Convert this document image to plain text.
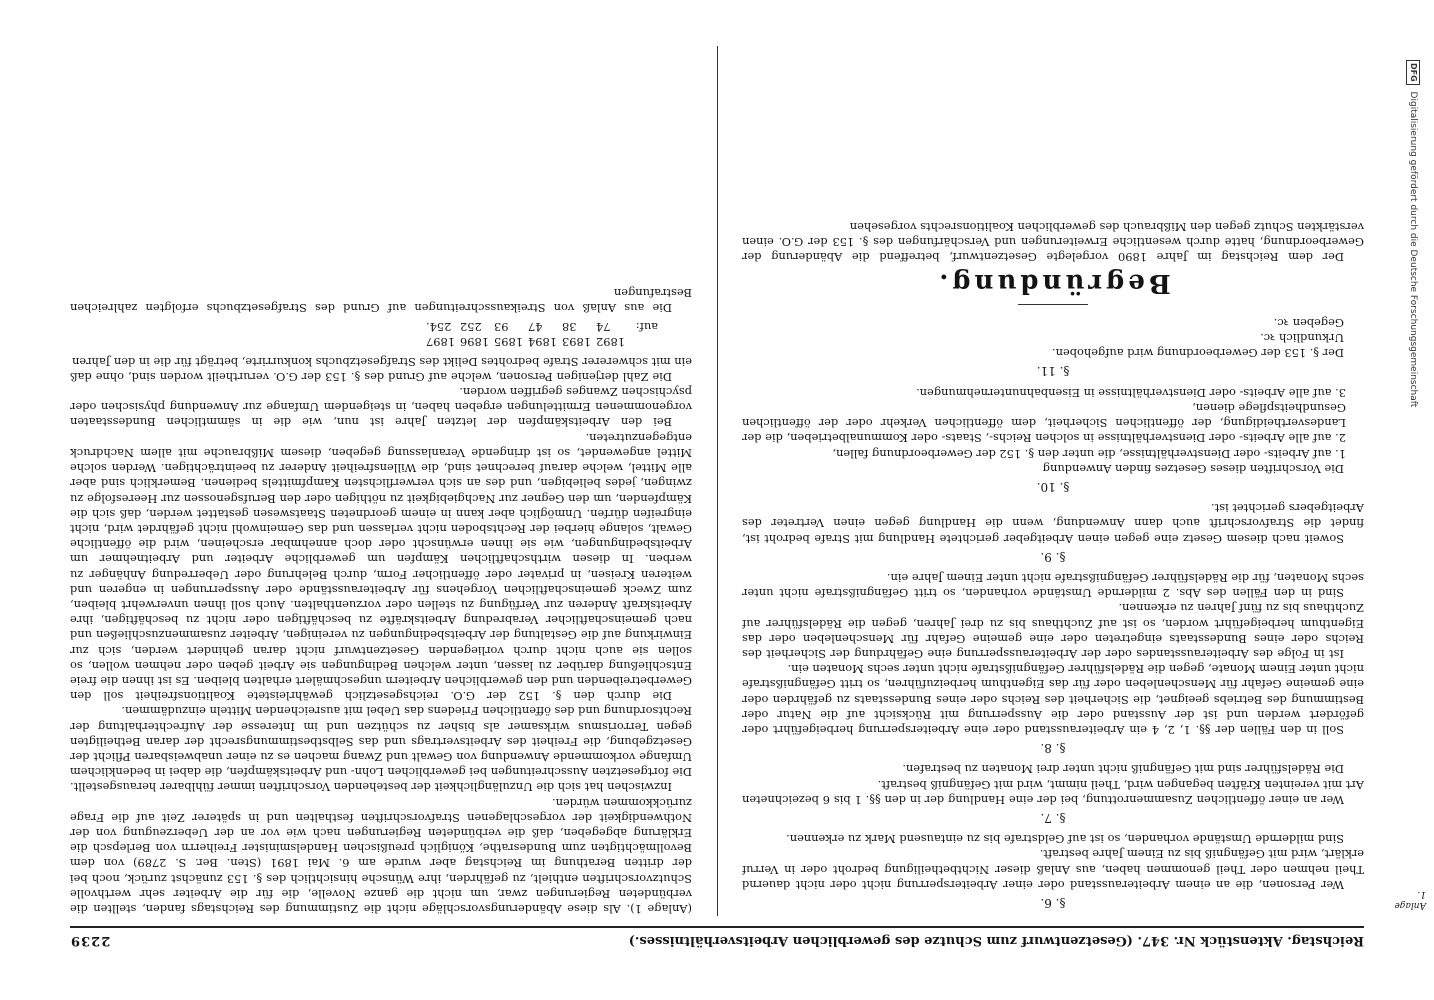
Reichstag. Aktenstück Nr. 347. (Gesetzentwurf zum Schutze des gewerblichen Arbeitsverhältnisses.)
2239
Anlage 1.
§. 6.

Wer Personen, die an einem Arbeiterausstand oder einer Arbeitersperrung nicht oder nicht dauernd Theil nehmen oder Theil genommen haben, aus Anlaß dieser Nichtbetheiligung bedroht oder in Verruf erklärt, wird mit Gefängniß bis zu Einem Jahre bestraft.

Sind mildernde Umstände vorhanden, so ist auf Geldstrafe bis zu eintausend Mark zu erkennen.

§. 7.

Wer an einer öffentlichen Zusammenrottung, bei der eine Handlung der in den §§. 1 bis 6 bezeichneten Art mit vereinten Kräften begangen wird, Theil nimmt, wird mit Gefängniß bestraft.

Die Rädelsführer sind mit Gefängniß nicht unter drei Monaten zu bestrafen.

§. 8.

Soll in den Fällen der §§. 1, 2, 4 ein Arbeiterausstand oder eine Arbeitersperrung herbeigeführt oder gefördert werden und ist der Ausstand oder die Aussperrung mit Rücksicht auf die Natur oder Bestimmung des Betriebs geeignet, die Sicherheit des Reichs oder eines Bundesstaats zu gefährden oder eine gemeine Gefahr für Menschenleben oder für das Eigenthum herbeizuführen, so tritt Gefängnißstrafe nicht unter Einem Monate, gegen die Rädelsführer Gefängnißstrafe nicht unter sechs Monaten ein.

Ist in Folge des Arbeiterausstandes oder der Arbeiteraussperrung eine Gefährdung der Sicherheit des Reichs oder eines Bundesstaats eingetreten oder eine gemeine Gefahr für Menschenleben oder das Eigenthum herbeigeführt worden, so ist auf Zuchthaus bis zu drei Jahren, gegen die Rädelsführer auf Zuchthaus bis zu fünf Jahren zu erkennen.

Sind in den Fällen des Abs. 2 mildernde Umstände vorhanden, so tritt Gefängnißstrafe nicht unter sechs Monaten, für die Rädelsführer Gefängnißstrafe nicht unter Einem Jahre ein.

§. 9.

Soweit nach diesem Gesetz eine gegen einen Arbeitgeber gerichtete Handlung mit Strafe bedroht ist, findet die Strafvorschrift auch dann Anwendung, wenn die Handlung gegen einen Vertreter des Arbeitgebers gerichtet ist.

§. 10.

Die Vorschriften dieses Gesetzes finden Anwendung

1. auf Arbeits- oder Dienstverhältnisse, die unter den §. 152 der Gewerbeordnung fallen,
2. auf alle Arbeits- oder Dienstverhältnisse in solchen Reichs-, Staats- oder Kommunalbetrieben, die der Landesvertheidigung, der öffentlichen Sicherheit, dem öffentlichen Verkehr oder der öffentlichen Gesundheitspflege dienen,
3. auf alle Arbeits- oder Dienstverhältnisse in Eisenbahnunternehmungen.
§. 11.

Der §. 153 der Gewerbeordnung wird aufgehoben.

Urkundlich ꝛc.

Gegeben ꝛc.

Begründung.

Der dem Reichstag im Jahre 1890 vorgelegte Gesetzentwurf, betreffend die Abänderung der Gewerbeordnung, hatte durch wesentliche Erweiterungen und Verschärfungen des §. 153 der G.O. einen verstärkten Schutz gegen den Mißbrauch des gewerblichen Koalitionsrechts vorgesehen

(Anlage 1). Als diese Abänderungsvorschläge nicht die Zustimmung des Reichstags fanden, stellten die verbündeten Regierungen zwar, um nicht die ganze Novelle, die für die Arbeiter sehr werthvolle Schutzvorschriften enthielt, zu gefährden, ihre Wünsche hinsichtlich des §. 153 zunächst zurück, noch bei der dritten Berathung im Reichstag aber wurde am 6. Mai 1891 (Sten. Ber. S. 2789) von dem Bevollmächtigten zum Bundesrathe, Königlich preußischen Handelsminister Freiherrn von Berlepsch die Erklärung abgegeben, daß die verbündeten Regierungen nach wie vor an der Ueberzeugung von der Nothwendigkeit der vorgeschlagenen Strafvorschriften festhalten und in späterer Zeit auf die Frage zurückkommen würden.

Inzwischen hat sich die Unzulänglichkeit der bestehenden Vorschriften immer fühlbarer herausgestellt. Die fortgesetzten Ausschreitungen bei gewerblichen Lohn- und Arbeitskämpfen, die dabei in bedenklichem Umfange vorkommende Anwendung von Gewalt und Zwang machen es zu einer unabweisbaren Pflicht der Gesetzgebung, die Freiheit des Arbeitsvertrags und das Selbstbestimmungsrecht der daran Betheiligten gegen Terrorismus wirksamer als bisher zu schützen und im Interesse der Aufrechterhaltung der Rechtsordnung und des öffentlichen Friedens das Uebel mit ausreichenden Mitteln einzudämmen.

Die durch den §. 152 der G.O. reichsgesetzlich gewährleistete Koalitionsfreiheit soll den Gewerbetreibenden und den gewerblichen Arbeitern ungeschmälert erhalten bleiben. Es ist ihnen die freie Entschließung darüber zu lassen, unter welchen Bedingungen sie Arbeit geben oder nehmen wollen, so sollen sie auch nicht durch vorliegenden Gesetzentwurf nicht daran gehindert werden, sich zur Einwirkung auf die Gestaltung der Arbeitsbedingungen zu vereinigen, Arbeiter zusammenzuschließen und nach gemeinschaftlicher Verabredung Arbeitskräfte zu beschäftigen oder nicht zu beschäftigen, ihre Arbeitskraft Anderen zur Verfügung zu stellen oder vorzuenthalten. Auch soll ihnen unverwehrt bleiben, zum Zweck gemeinschaftlichen Vorgehens für Arbeiterausstände oder Aussperrungen in engeren und weiteren Kreisen, in privater oder öffentlicher Form, durch Belehrung oder Ueberredung Anhänger zu werben. In diesen wirthschaftlichen Kämpfen um gewerbliche Arbeiter und Arbeitnehmer um Arbeitsbedingungen, wie sie ihnen erwünscht oder doch annehmbar erscheinen, wird die öffentliche Gewalt, solange hierbei der Rechtsboden nicht verlassen und das Gemeinwohl nicht gefährdet wird, nicht eingreifen dürfen. Unmöglich aber kann in einem geordneten Staatswesen gestattet werden, daß sich die Kämpfenden, um den Gegner zur Nachgiebigkeit zu nöthigen oder den Berufsgenossen zur Heeresfolge zu zwingen, jedes beliebigen, und des an sich verwerflichsten Kampfmittels bedienen. Bemerklich sind aber alle Mittel, welche darauf berechnet sind, die Willensfreiheit Anderer zu beeinträchtigen. Werden solche Mittel angewendet, so ist dringende Veranlassung gegeben, diesem Mißbrauche mit allem Nachdruck entgegenzutreten.

Bei den Arbeitskämpfen der letzten Jahre ist nun, wie die in sämmtlichen Bundesstaaten vorgenommenen Ermittelungen ergeben haben, in steigendem Umfange zur Anwendung physischen oder psychischen Zwanges gegriffen worden.

Die Zahl derjenigen Personen, welche auf Grund des §. 153 der G.O. verurtheilt worden sind, ohne daß ein mit schwererer Strafe bedrohtes Delikt des Strafgesetzbuchs konkurrirte, beträgt für die in den Jahren

1892
1893
1894
1895
1896
1897
auf:
74
38
47
93
252
254.

Die aus Anlaß von Streikausschreitungen auf Grund des Strafgesetzbuchs erfolgten zahlreichen Bestrafungen

DFG Digitalisierung gefördert durch die Deutsche Forschungsgemeinschaft
